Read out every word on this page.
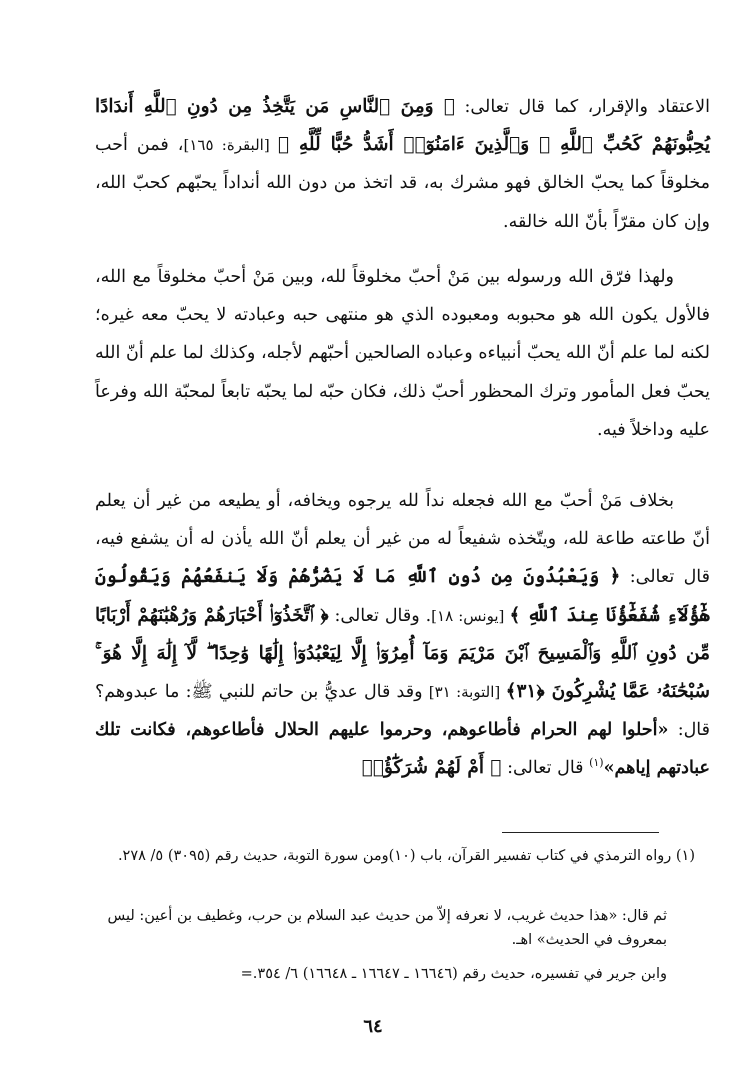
الاعتقاد والإقرار، كما قال تعالى: ﴿ وَمِنَ ٱلنَّاسِ مَن يَتَّخِذُ مِن دُونِ ٱللَّهِ أَندَادًا يُحِبُّونَهُمْ كَحُبِّ ٱللَّهِ ۖ وَٱلَّذِينَ ءَامَنُوٓا۟ أَشَدُّ حُبًّا لِّلَّهِ ﴾ [البقرة: ١٦٥]، فمن أحب مخلوقاً كما يحبّ الخالق فهو مشرك به، قد اتخذ من دون الله أنداداً يحبّهم كحبّ الله، وإن كان مقرّاً بأنّ الله خالقه.

ولهذا فرّق الله ورسوله بين مَنْ أحبّ مخلوقاً لله، وبين مَنْ أحبّ مخلوقاً مع الله، فالأول يكون الله هو محبوبه ومعبوده الذي هو منتهى حبه وعبادته لا يحبّ معه غيره؛ لكنه لما علم أنّ الله يحبّ أنبياءه وعباده الصالحين أحبّهم لأجله، وكذلك لما علم أنّ الله يحبّ فعل المأمور وترك المحظور أحبّ ذلك، فكان حبّه لما يحبّه تابعاً لمحبّة الله وفرعاً عليه وداخلاً فيه.

بخلاف مَنْ أحبّ مع الله فجعله نداً لله يرجوه ويخافه، أو يطيعه من غير أن يعلم أنّ طاعته طاعة لله، ويتّخذه شفيعاً له من غير أن يعلم أنّ الله يأذن له أن يشفع فيه، قال تعالى: ﴿ وَيَعْبُدُونَ مِن دُونِ ٱللَّهِ مَا لَا يَضُرُّهُمْ وَلَا يَنفَعُهُمْ وَيَقُولُونَ هَٰٓؤُلَآءِ شُفَعَٰٓؤُنَا عِندَ ٱللَّهِ ﴾ [يونس: ١٨]. وقال تعالى: ﴿ ٱتَّخَذُوٓا۟ أَحْبَارَهُمْ وَرُهْبَٰنَهُمْ أَرْبَابًا مِّن دُونِ ٱللَّهِ وَٱلْمَسِيحَ ٱبْنَ مَرْيَمَ وَمَآ أُمِرُوٓا۟ إِلَّا لِيَعْبُدُوٓا۟ إِلَٰهًا وَٰحِدًا ۖ لَّآ إِلَٰهَ إِلَّا هُوَ ۚ سُبْحَٰنَهُۥ عَمَّا يُشْرِكُونَ ﴿٣١﴾ [التوبة: ٣١] وقد قال عديُّ بن حاتم للنبي ﷺ: ما عبدوهم؟ قال: «أحلوا لهم الحرام فأطاعوهم، وحرموا عليهم الحلال فأطاعوهم، فكانت تلك عبادتهم إياهم»$^{(١)}$ قال تعالى: ﴿ أَمْ لَهُمْ شُرَكَٰٓؤُا۟

(١) رواه الترمذي في كتاب تفسير القرآن، باب (١٠)ومن سورة التوبة، حديث رقم (٣٠٩٥) ٥/ ٢٧٨.

ثم قال: «هذا حديث غريب، لا نعرفه إلاّ من حديث عبد السلام بن حرب، وغطيف بن أعين: ليس بمعروف في الحديث» اهـ.

وابن جرير في تفسيره، حديث رقم (١٦٦٤٦ ـ ١٦٦٤٧ ـ ١٦٦٤٨) ٦/ ٣٥٤.=

٦٤
